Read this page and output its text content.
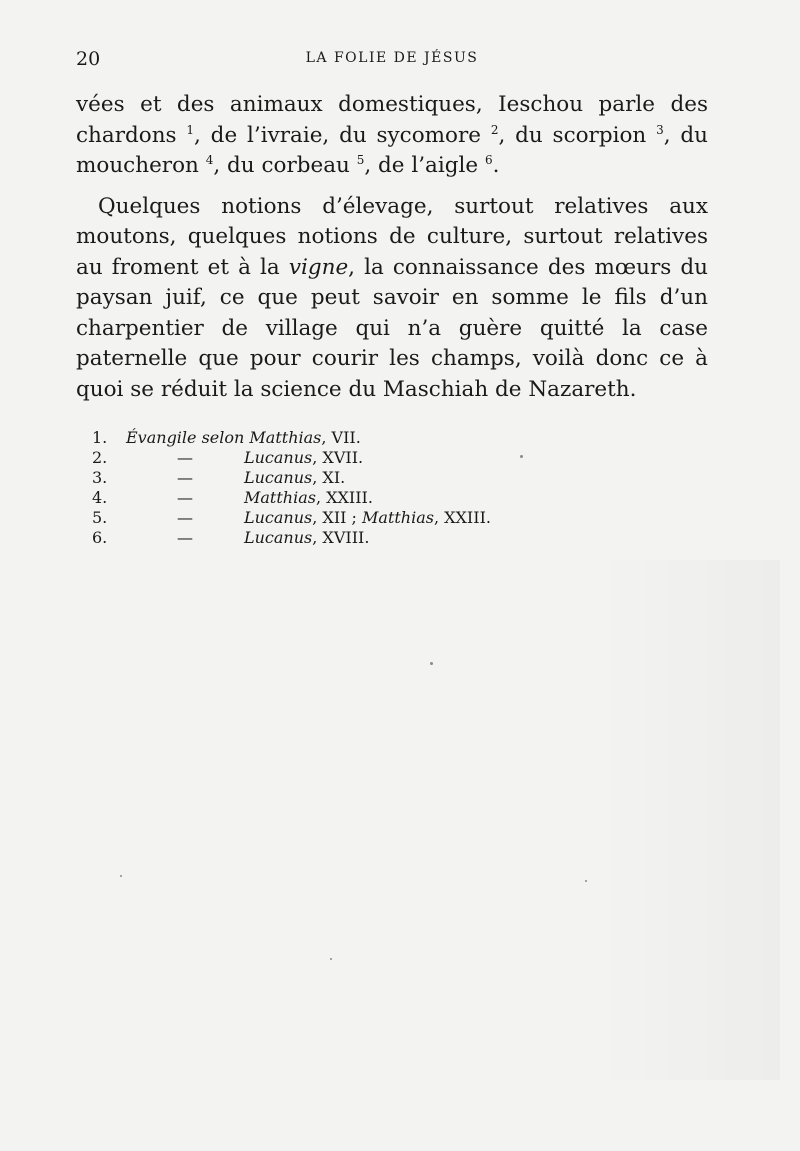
20	LA FOLIE DE JÉSUS

vées et des animaux domestiques, Ieschou parle des chardons $^1$, de l’ivraie, du sycomore $^2$, du scorpion $^3$, du moucheron $^4$, du corbeau $^5$, de l’aigle $^6$.

Quelques notions d’élevage, surtout relatives aux moutons, quelques notions de culture, surtout relatives au froment et à la vigne, la connaissance des mœurs du paysan juif, ce que peut savoir en somme le fils d’un charpentier de village qui n’a guère quitté la case paternelle que pour courir les champs, voilà donc ce à quoi se réduit la science du Maschiah de Nazareth.

1.	Évangile selon Matthias, VII.
2.	—	Lucanus, XVII.
3.	—	Lucanus, XI.
4.	—	Matthias, XXIII.
5.	—	Lucanus, XII ; Matthias, XXIII.
6.	—	Lucanus, XVIII.
